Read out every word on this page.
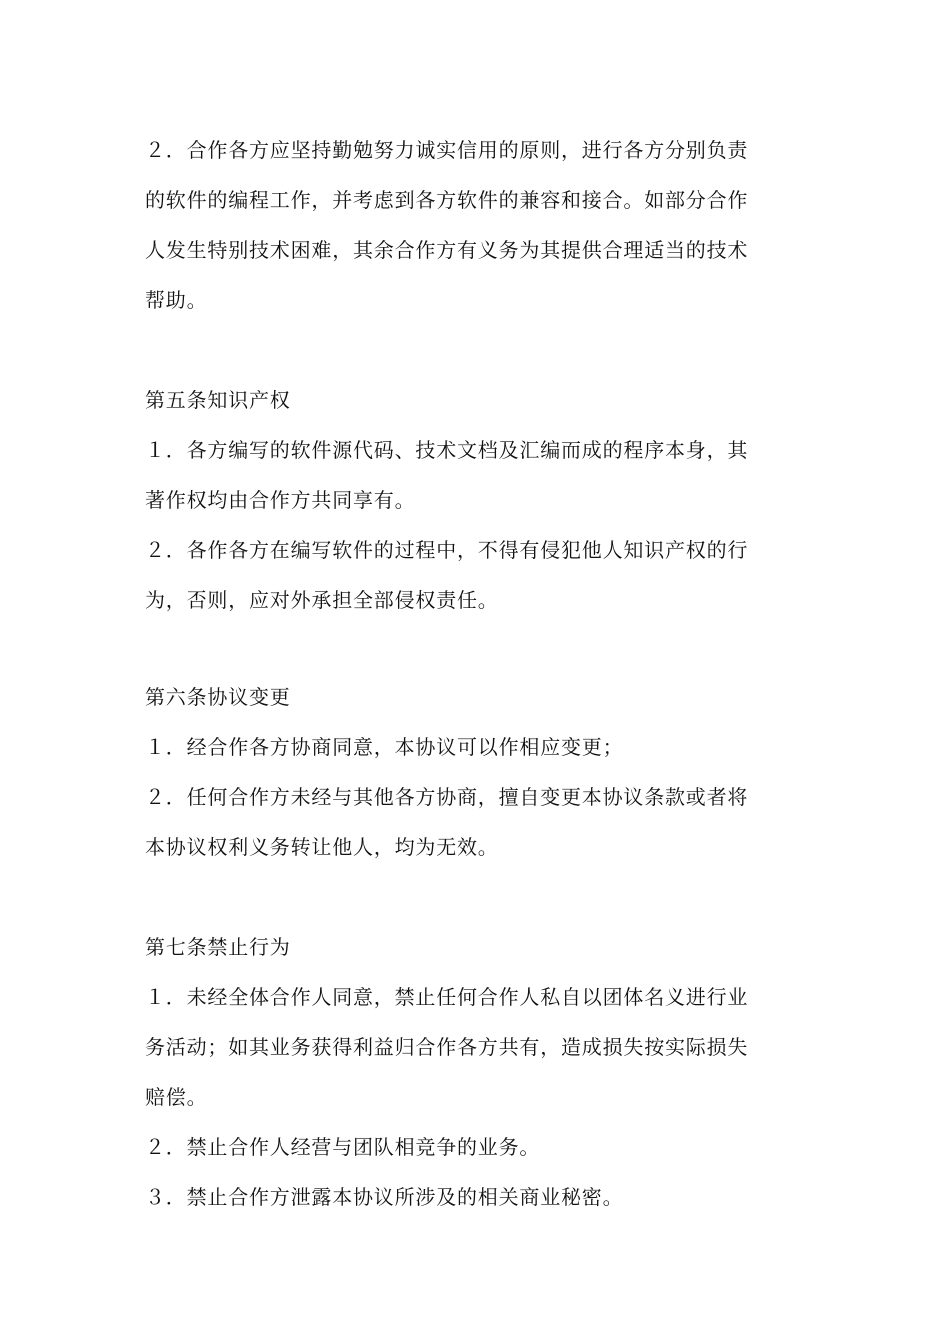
２．合作各方应坚持勤勉努力诚实信用的原则，进行各方分别负责
的软件的编程工作，并考虑到各方软件的兼容和接合。如部分合作
人发生特别技术困难，其余合作方有义务为其提供合理适当的技术
帮助。
第五条知识产权
１．各方编写的软件源代码、技术文档及汇编而成的程序本身，其
著作权均由合作方共同享有。
２．各作各方在编写软件的过程中，不得有侵犯他人知识产权的行
为，否则，应对外承担全部侵权责任。
第六条协议变更
１．经合作各方协商同意，本协议可以作相应变更；
２．任何合作方未经与其他各方协商，擅自变更本协议条款或者将
本协议权利义务转让他人，均为无效。
第七条禁止行为
１．未经全体合作人同意，禁止任何合作人私自以团体名义进行业
务活动；如其业务获得利益归合作各方共有，造成损失按实际损失
赔偿。
２．禁止合作人经营与团队相竞争的业务。
３．禁止合作方泄露本协议所涉及的相关商业秘密。
